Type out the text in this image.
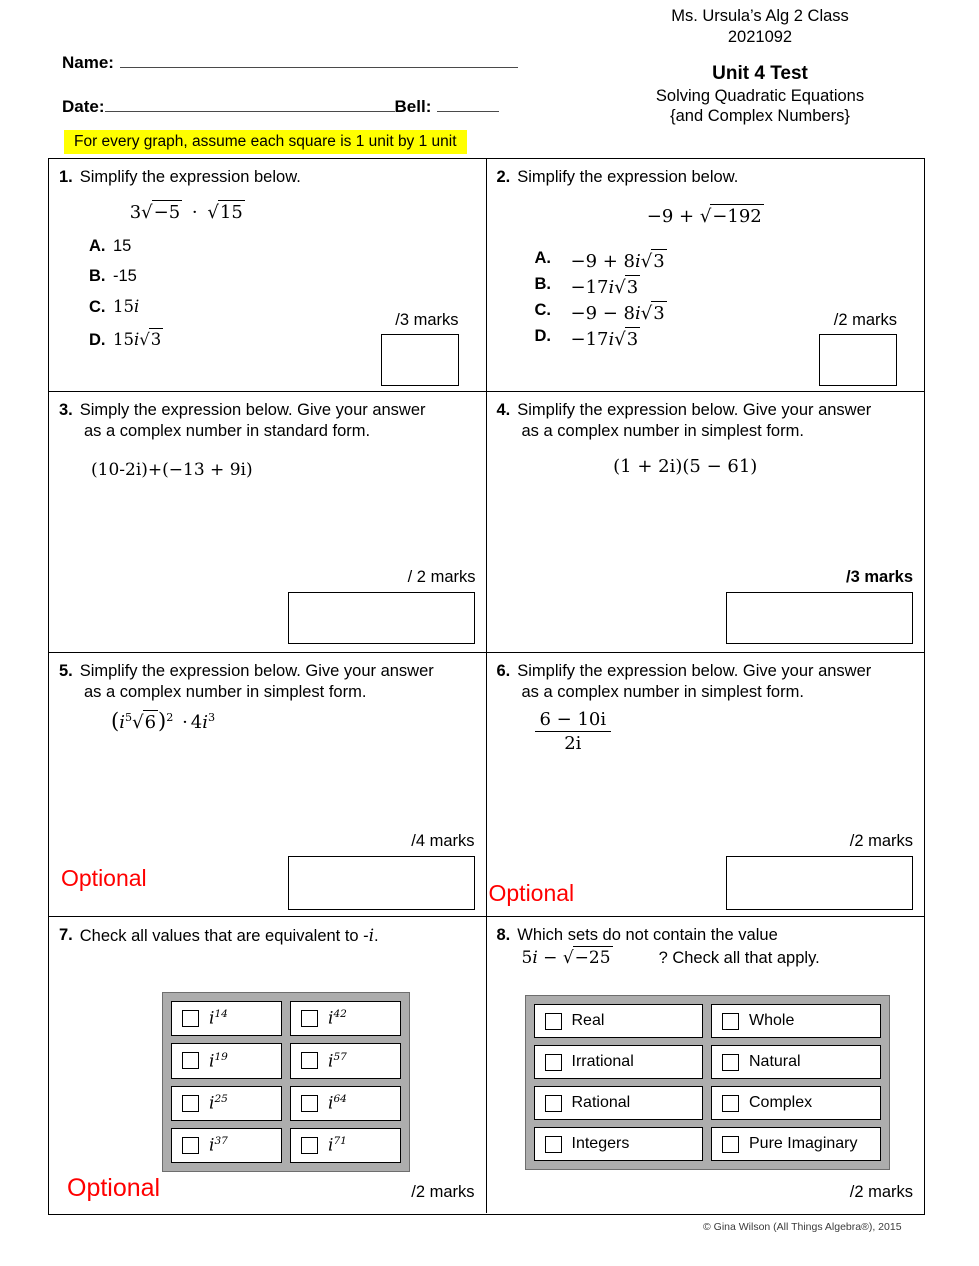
Ms. Ursula’s Alg 2 Class
2021092
Unit 4 Test
Solving Quadratic Equations
{and Complex Numbers}
Name:
Date:	Bell:
For every graph, assume each square is 1 unit by 1 unit
1. Simplify the expression below.
3 √ −5 · √ 15
A. 15
B. -15
C. 15i
D. 15i √ 3
/3 marks
2. Simplify the expression below.
−9 + √ −192
A.	−9 + 8i √ 3
B.	−17i √ 3
C.	−9 − 8i √ 3
D.	−17i √ 3
/2 marks
3. Simply the expression below. Give your answer
as a complex number in standard form.
(10-2i)+(−13 + 9i)
/ 2 marks
4. Simplify the expression below. Give your answer
as a complex number in simplest form.
(1 + 2i)(5 − 61)
/3 marks
5. Simplify the expression below. Give your answer
as a complex number in simplest form.
($i^5$ √ $6)^2 \cdot 4i^3$
/4 marks
Optional
6. Simplify the expression below. Give your answer
as a complex number in simplest form.
$\frac{6 - 10i}{2i}$
/2 marks
Optional
7. Check all values that are equivalent to -i.
$i^{14}$	$i^{42}$
$i^{19}$	$i^{57}$
$i^{25}$	$i^{64}$
$i^{37}$	$i^{71}$
Optional	/2 marks
8. Which sets do not contain the value
5i − √ −25	? Check all that apply.
Real	Whole
Irrational	Natural
Rational	Complex
Integers	Pure Imaginary
/2 marks
© Gina Wilson (All Things Algebra®), 2015
